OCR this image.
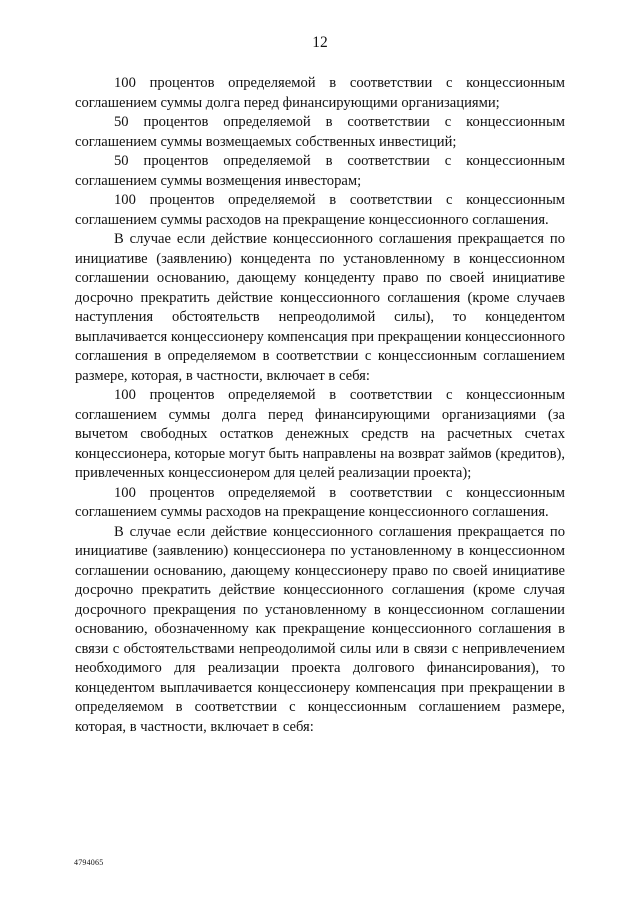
12

100 процентов определяемой в соответствии с концессионным соглашением суммы долга перед финансирующими организациями;

50 процентов определяемой в соответствии с концессионным соглашением суммы возмещаемых собственных инвестиций;

50 процентов определяемой в соответствии с концессионным соглашением суммы возмещения инвесторам;

100 процентов определяемой в соответствии с концессионным соглашением суммы расходов на прекращение концессионного соглашения.

В случае если действие концессионного соглашения прекращается по инициативе (заявлению) концедента по установленному в концессионном соглашении основанию, дающему концеденту право по своей инициативе досрочно прекратить действие концессионного соглашения (кроме случаев наступления обстоятельств непреодолимой силы), то концедентом выплачивается концессионеру компенсация при прекращении концессионного соглашения в определяемом в соответствии с концессионным соглашением размере, которая, в частности, включает в себя:

100 процентов определяемой в соответствии с концессионным соглашением суммы долга перед финансирующими организациями (за вычетом свободных остатков денежных средств на расчетных счетах концессионера, которые могут быть направлены на возврат займов (кредитов), привлеченных концессионером для целей реализации проекта);

100 процентов определяемой в соответствии с концессионным соглашением суммы расходов на прекращение концессионного соглашения.

В случае если действие концессионного соглашения прекращается по инициативе (заявлению) концессионера по установленному в концессионном соглашении основанию, дающему концессионеру право по своей инициативе досрочно прекратить действие концессионного соглашения (кроме случая досрочного прекращения по установленному в концессионном соглашении основанию, обозначенному как прекращение концессионного соглашения в связи с обстоятельствами непреодолимой силы или в связи с непривлечением необходимого для реализации проекта долгового финансирования), то концедентом выплачивается концессионеру компенсация при прекращении в определяемом в соответствии с концессионным соглашением размере, которая, в частности, включает в себя:

4794065
